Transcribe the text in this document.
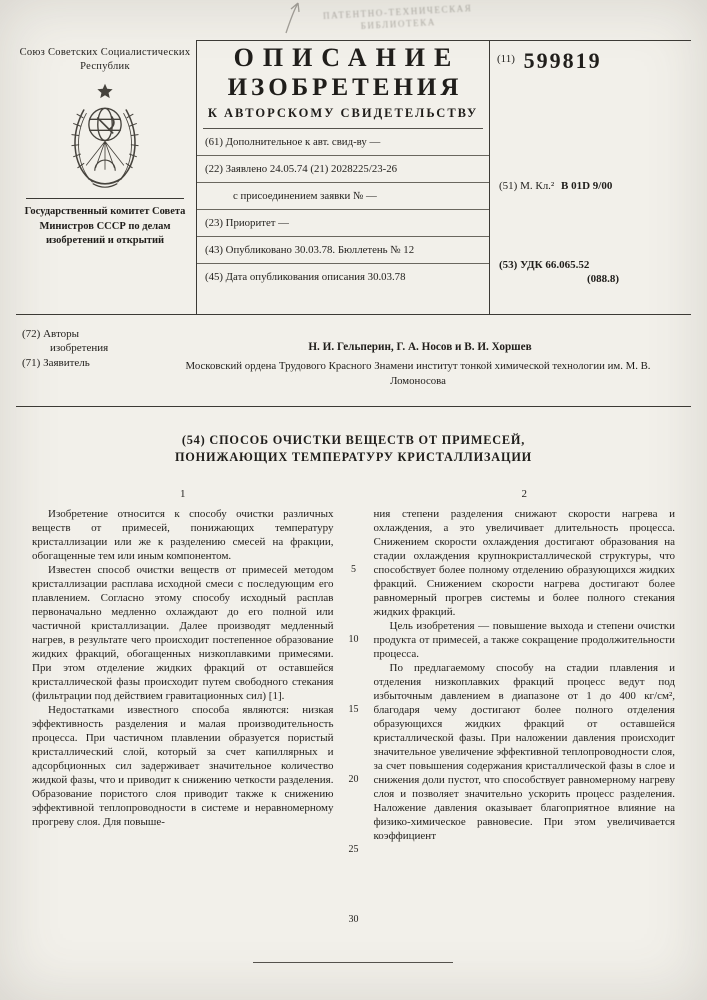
ПАТЕНТНО-ТЕХНИЧЕСКАЯ
БИБЛИОТЕКА
Союз Советских Социалистических Республик
Государственный комитет Совета Министров СССР по делам изобретений и открытий
ОПИСАНИЕ
ИЗОБРЕТЕНИЯ
К АВТОРСКОМУ СВИДЕТЕЛЬСТВУ
(61) Дополнительное к авт. свид-ву —
(22) Заявлено 24.05.74 (21) 2028225/23-26
с присоединением заявки № —
(23) Приоритет —
(43) Опубликовано 30.03.78. Бюллетень № 12
(45) Дата опубликования описания 30.03.78
(11) 599819
(51) М. Кл.² B 01D 9/00
(53) УДК 66.065.52
(088.8)
(72) Авторы
изобретения
(71) Заявитель
Н. И. Гельперин, Г. А. Носов и В. И. Хоршев
Московский ордена Трудового Красного Знамени институт тонкой химической технологии им. М. В. Ломоносова
(54) СПОСОБ ОЧИСТКИ ВЕЩЕСТВ ОТ ПРИМЕСЕЙ,
ПОНИЖАЮЩИХ ТЕМПЕРАТУРУ КРИСТАЛЛИЗАЦИИ
1

Изобретение относится к способу очистки различных веществ от примесей, понижающих температуру кристаллизации или же к разделению смесей на фракции, обогащенные тем или иным компонентом.

Известен способ очистки веществ от примесей методом кристаллизации расплава исходной смеси с последующим его плавлением. Согласно этому способу исходный расплав первоначально медленно охлаждают до его полной или частичной кристаллизации. Далее производят медленный нагрев, в результате чего происходит постепенное образование жидких фракций, обогащенных низкоплавкими примесями. При этом отделение жидких фракций от оставшейся кристаллической фазы происходит путем свободного стекания (фильтрации под действием гравитационных сил) [1].

Недостатками известного способа являются: низкая эффективность разделения и малая производительность процесса. При частичном плавлении образуется пористый кристаллический слой, который за счет капиллярных и адсорбционных сил задерживает значительное количество жидкой фазы, что и приводит к снижению четкости разделения. Образование пористого слоя приводит также к снижению эффективной теплопроводности в системе и неравномерному прогреву слоя. Для повыше-

5
10
15
20
25
30
2

ния степени разделения снижают скорости нагрева и охлаждения, а это увеличивает длительность процесса. Снижением скорости охлаждения достигают образования на стадии охлаждения крупнокристаллической структуры, что способствует более полному отделению образующихся жидких фракций. Снижением скорости нагрева достигают более равномерный прогрев системы и более полного стекания жидких фракций.

Цель изобретения — повышение выхода и степени очистки продукта от примесей, а также сокращение продолжительности процесса.

По предлагаемому способу на стадии плавления и отделения низкоплавких фракций процесс ведут под избыточным давлением в диапазоне от 1 до 400 кг/см², благодаря чему достигают более полного отделения образующихся жидких фракций от оставшейся кристаллической фазы. При наложении давления происходит значительное увеличение эффективной теплопроводности слоя, за счет повышения содержания кристаллической фазы в слое и снижения доли пустот, что способствует равномерному нагреву слоя и позволяет значительно ускорить процесс разделения. Наложение давления оказывает благоприятное влияние на физико-химическое равновесие. При этом увеличивается коэффициент
